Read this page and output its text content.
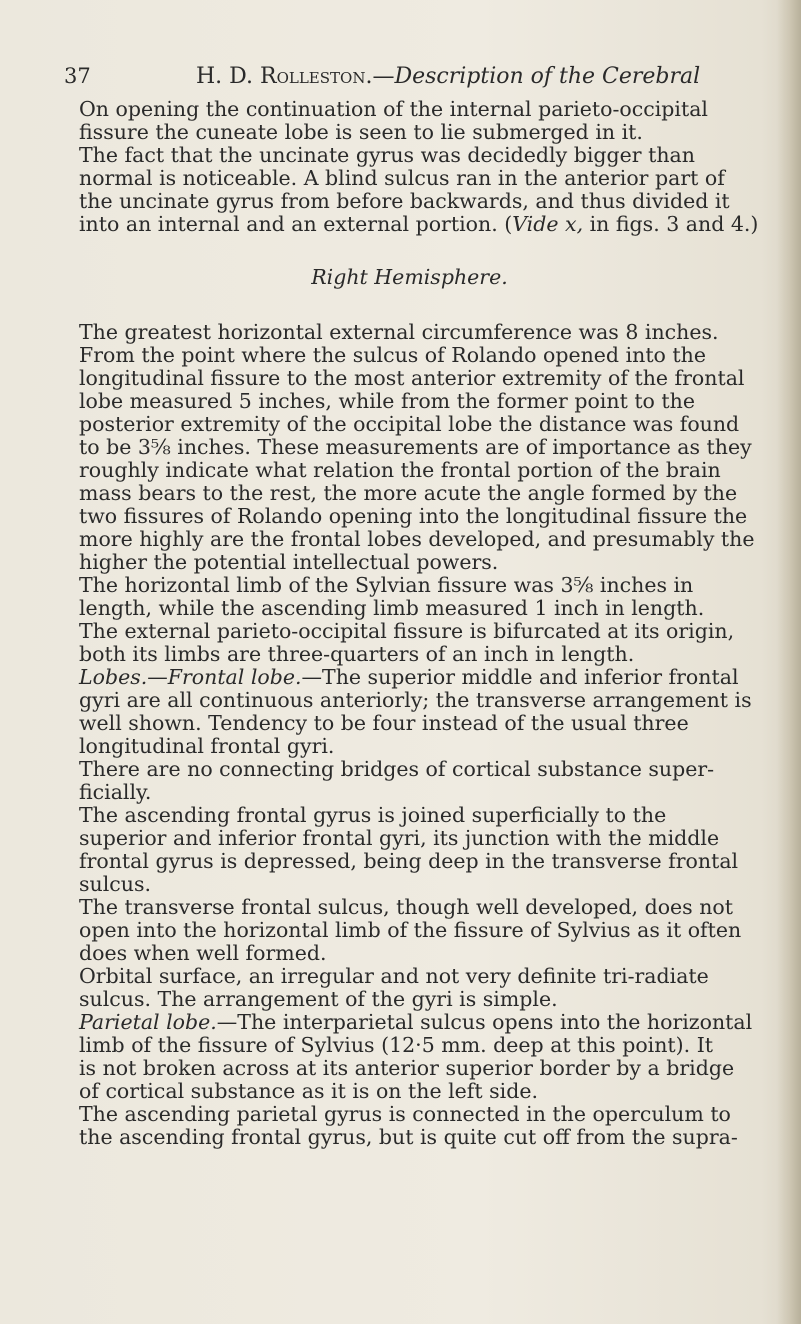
37	H. D. Rolleston.—Description of the Cerebral
On opening the continuation of the internal parieto-occipital
fissure the cuneate lobe is seen to lie submerged in it.
The fact that the uncinate gyrus was decidedly bigger than
normal is noticeable. A blind sulcus ran in the anterior part of
the uncinate gyrus from before backwards, and thus divided it
into an internal and an external portion. (Vide x, in figs. 3 and 4.)
Right Hemisphere.
The greatest horizontal external circumference was 8 inches.
From the point where the sulcus of Rolando opened into the
longitudinal fissure to the most anterior extremity of the frontal
lobe measured 5 inches, while from the former point to the
posterior extremity of the occipital lobe the distance was found
to be 3⅝ inches. These measurements are of importance as they
roughly indicate what relation the frontal portion of the brain
mass bears to the rest, the more acute the angle formed by the
two fissures of Rolando opening into the longitudinal fissure the
more highly are the frontal lobes developed, and presumably the
higher the potential intellectual powers.
The horizontal limb of the Sylvian fissure was 3⅝ inches in
length, while the ascending limb measured 1 inch in length.
The external parieto-occipital fissure is bifurcated at its origin,
both its limbs are three-quarters of an inch in length.
Lobes.—Frontal lobe.—The superior middle and inferior frontal
gyri are all continuous anteriorly; the transverse arrangement is
well shown. Tendency to be four instead of the usual three
longitudinal frontal gyri.
There are no connecting bridges of cortical substance super-
ficially.
The ascending frontal gyrus is joined superficially to the
superior and inferior frontal gyri, its junction with the middle
frontal gyrus is depressed, being deep in the transverse frontal
sulcus.
The transverse frontal sulcus, though well developed, does not
open into the horizontal limb of the fissure of Sylvius as it often
does when well formed.
Orbital surface, an irregular and not very definite tri-radiate
sulcus. The arrangement of the gyri is simple.
Parietal lobe.—The interparietal sulcus opens into the horizontal
limb of the fissure of Sylvius (12·5 mm. deep at this point). It
is not broken across at its anterior superior border by a bridge
of cortical substance as it is on the left side.
The ascending parietal gyrus is connected in the operculum to
the ascending frontal gyrus, but is quite cut off from the supra-
